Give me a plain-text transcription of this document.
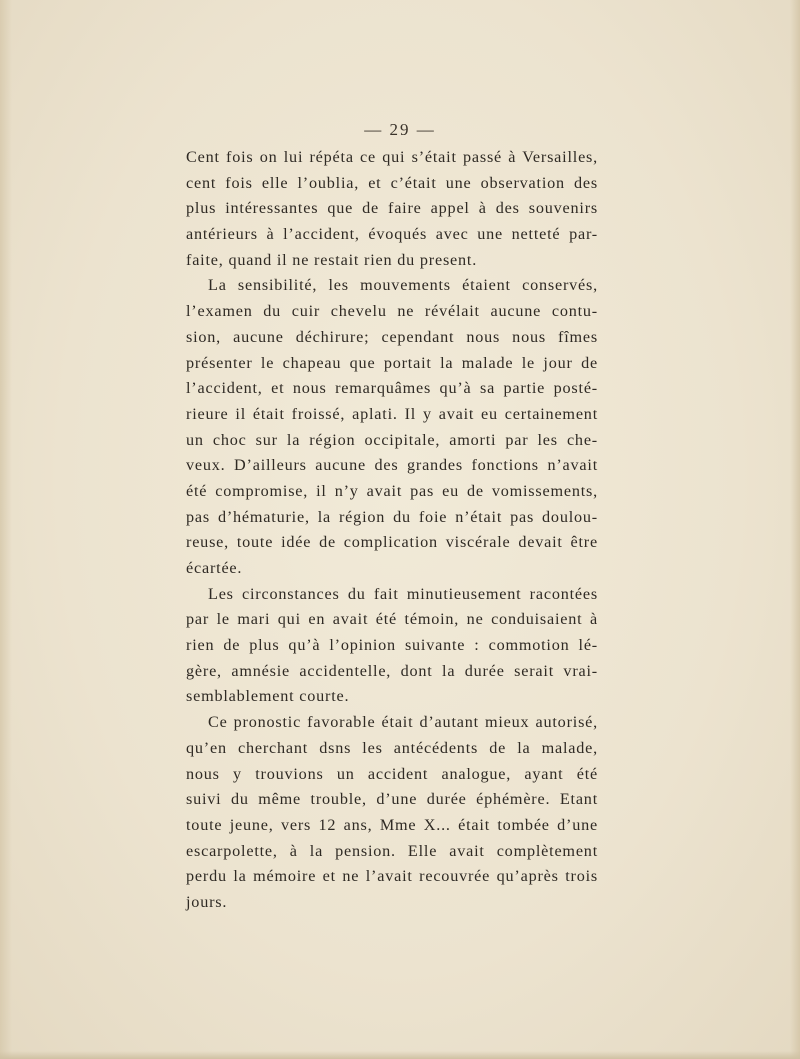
— 29 —
Cent fois on lui répéta ce qui s’était passé à Versailles,
cent fois elle l’oublia, et c’était une observation des
plus intéressantes que de faire appel à des souvenirs
antérieurs à l’accident, évoqués avec une netteté par-
faite, quand il ne restait rien du present.
La sensibilité, les mouvements étaient conservés,
l’examen du cuir chevelu ne révélait aucune contu-
sion, aucune déchirure; cependant nous nous fîmes
présenter le chapeau que portait la malade le jour de
l’accident, et nous remarquâmes qu’à sa partie posté-
rieure il était froissé, aplati. Il y avait eu certainement
un choc sur la région occipitale, amorti par les che-
veux. D’ailleurs aucune des grandes fonctions n’avait
été compromise, il n’y avait pas eu de vomissements,
pas d’hématurie, la région du foie n’était pas doulou-
reuse, toute idée de complication viscérale devait être
écartée.
Les circonstances du fait minutieusement racontées
par le mari qui en avait été témoin, ne conduisaient à
rien de plus qu’à l’opinion suivante : commotion lé-
gère, amnésie accidentelle, dont la durée serait vrai-
semblablement courte.
Ce pronostic favorable était d’autant mieux autorisé,
qu’en cherchant dsns les antécédents de la malade,
nous y trouvions un accident analogue, ayant été
suivi du même trouble, d’une durée éphémère. Etant
toute jeune, vers 12 ans, Mme X... était tombée d’une
escarpolette, à la pension. Elle avait complètement
perdu la mémoire et ne l’avait recouvrée qu’après trois
jours.
